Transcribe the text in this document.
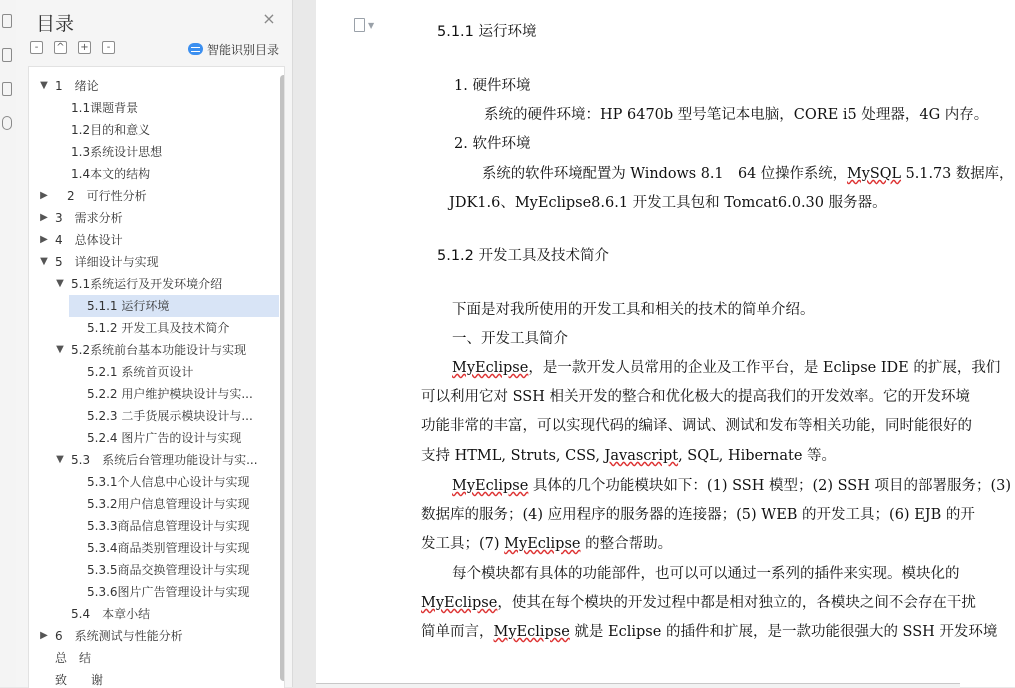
目录	×
-	^ +	-	智能识别目录
▼ 1　绪论
1.1课题背景
1.2目的和意义
1.3系统设计思想
1.4本文的结构
▶ 2　可行性分析
▶ 3　需求分析
▶ 4　总体设计
▼ 5　详细设计与实现
▼ 5.1系统运行及开发环境介绍
5.1.1 运行环境
5.1.2 开发工具及技术简介
▼ 5.2系统前台基本功能设计与实现
5.2.1 系统首页设计
5.2.2 用户维护模块设计与实...
5.2.3 二手货展示模块设计与...
5.2.4 图片广告的设计与实现
▼ 5.3　系统后台管理功能设计与实...
5.3.1个人信息中心设计与实现
5.3.2用户信息管理设计与实现
5.3.3商品信息管理设计与实现
5.3.4商品类别管理设计与实现
5.3.5商品交换管理设计与实现
5.3.6图片广告管理设计与实现
5.4　本章小结
▶ 6　系统测试与性能分析
总　结
致　　谢
▼	5.1.1 运行环境
1. 硬件环境
系统的硬件环境：HP 6470b 型号笔记本电脑，CORE i5 处理器，4G 内存。
2. 软件环境
系统的软件环境配置为 Windows 8.1　64 位操作系统，MySQL 5.1.73 数据库，
JDK1.6、MyEclipse8.6.1 开发工具包和 Tomcat6.0.30 服务器。
5.1.2 开发工具及技术简介
下面是对我所使用的开发工具和相关的技术的简单介绍。
一、开发工具简介
MyEclipse，是一款开发人员常用的企业及工作平台，是 Eclipse IDE 的扩展，我们
可以利用它对 SSH 相关开发的整合和优化极大的提高我们的开发效率。它的开发环境
功能非常的丰富，可以实现代码的编译、调试、测试和发布等相关功能，同时能很好的
支持 HTML, Struts, CSS, Javascript, SQL, Hibernate 等。
MyEclipse 具体的几个功能模块如下：(1) SSH 模型；(2) SSH 项目的部署服务；(3)
数据库的服务；(4) 应用程序的服务器的连接器；(5) WEB 的开发工具；(6) EJB 的开
发工具；(7) MyEclipse 的整合帮助。
每个模块都有具体的功能部件，也可以可以通过一系列的插件来实现。模块化的
MyEclipse，使其在每个模块的开发过程中都是相对独立的，各模块之间不会存在干扰
简单而言，MyEclipse 就是 Eclipse 的插件和扩展，是一款功能很强大的 SSH 开发环境
